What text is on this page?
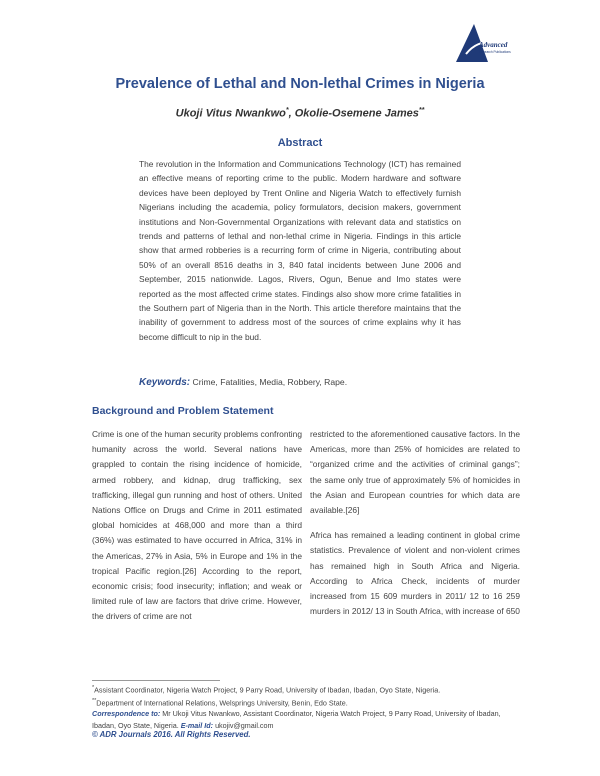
Advanced
Research Publications
Prevalence of Lethal and Non-lethal Crimes in Nigeria
Ukoji Vitus Nwankwo*, Okolie-Osemene James**
Abstract

The revolution in the Information and Communications Technology (ICT) has remained an effective means of reporting crime to the public. Modern hardware and software devices have been deployed by Trent Online and Nigeria Watch to effectively furnish Nigerians including the academia, policy formulators, decision makers, government institutions and Non-Governmental Organizations with relevant data and statistics on trends and patterns of lethal and non-lethal crime in Nigeria. Findings in this article show that armed robberies is a recurring form of crime in Nigeria, contributing about 50% of an overall 8516 deaths in 3, 840 fatal incidents between June 2006 and September, 2015 nationwide. Lagos, Rivers, Ogun, Benue and Imo states were reported as the most affected crime states. Findings also show more crime fatalities in the Southern part of Nigeria than in the North. This article therefore maintains that the inability of government to address most of the sources of crime explains why it has become difficult to nip in the bud.

Keywords: Crime, Fatalities, Media, Robbery, Rape.
Background and Problem Statement

Crime is one of the human security problems confronting humanity across the world. Several nations have grappled to contain the rising incidence of homicide, armed robbery, and kidnap, drug trafficking, sex trafficking, illegal gun running and host of others. United Nations Office on Drugs and Crime in 2011 estimated global homicides at 468,000 and more than a third (36%) was estimated to have occurred in Africa, 31% in the Americas, 27% in Asia, 5% in Europe and 1% in the tropical Pacific region.[26] According to the report, economic crisis; food insecurity; inflation; and weak or limited rule of law are factors that drive crime. However, the drivers of crime are not

restricted to the aforementioned causative factors. In the Americas, more than 25% of homicides are related to “organized crime and the activities of criminal gangs”; the same only true of approximately 5% of homicides in the Asian and European countries for which data are available.[26]

Africa has remained a leading continent in global crime statistics. Prevalence of violent and non-violent crimes has remained high in South Africa and Nigeria. According to Africa Check, incidents of murder increased from 15 609 murders in 2011/ 12 to 16 259 murders in 2012/ 13 in South Africa, with increase of 650

*Assistant Coordinator, Nigeria Watch Project, 9 Parry Road, University of Ibadan, Ibadan, Oyo State, Nigeria.
**Department of International Relations, Welsprings University, Benin, Edo State.
Correspondence to: Mr Ukoji Vitus Nwankwo, Assistant Coordinator, Nigeria Watch Project, 9 Parry Road, University of Ibadan, Ibadan, Oyo State, Nigeria. E-mail Id: ukojiv@gmail.com
© ADR Journals 2016. All Rights Reserved.
